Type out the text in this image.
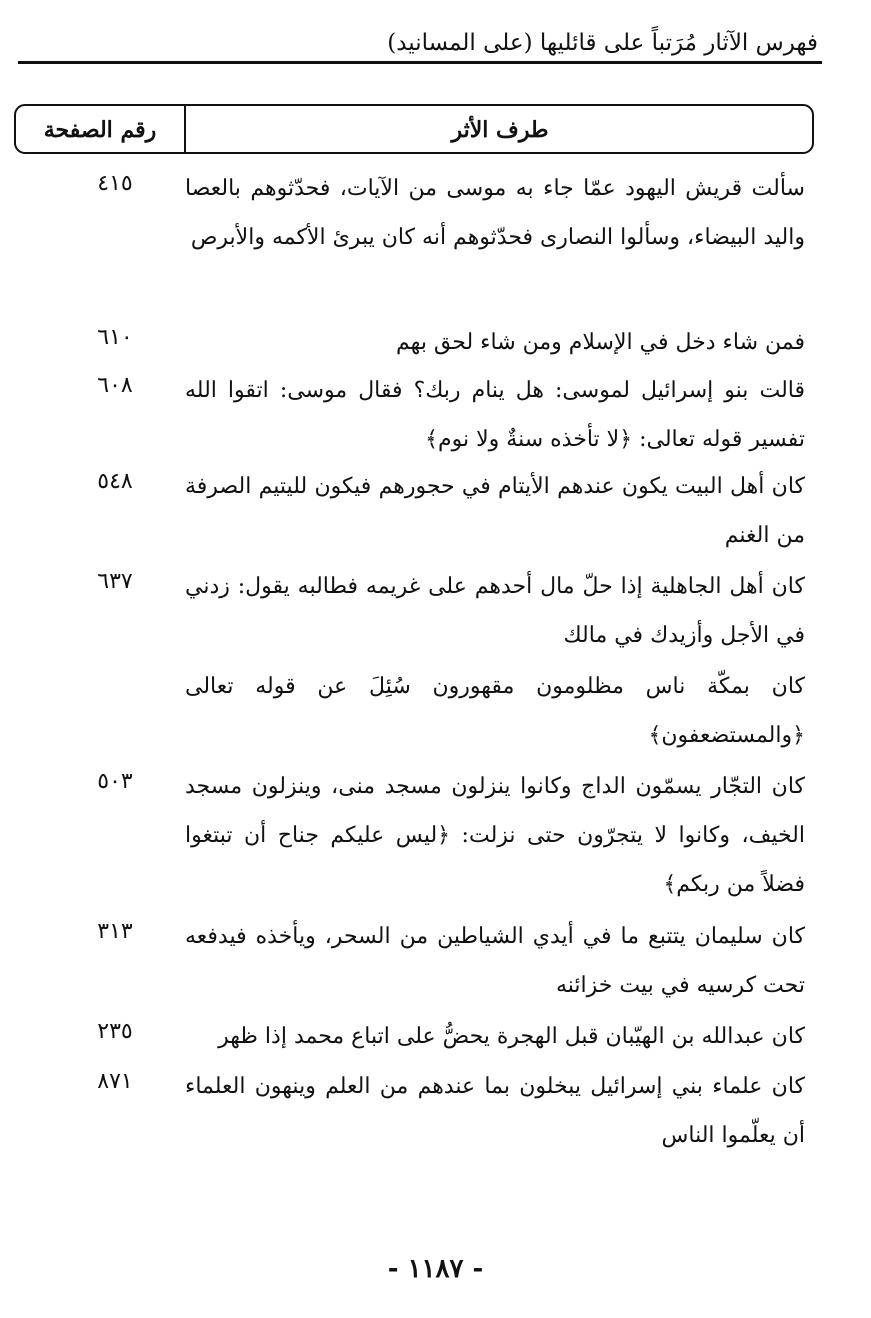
فهرس الآثار مُرَتباً على قائليها (على المسانيد)
طرف الأثر
رقم الصفحة
سألت قريش اليهود عمّا جاء به موسى من الآيات، فحدّثوهم بالعصا واليد البيضاء، وسألوا النصارى فحدّثوهم أنه كان يبرئ الأكمه والأبرص
٤١٥
فمن شاء دخل في الإسلام ومن شاء لحق بهم
٦١٠
قالت بنو إسرائيل لموسى: هل ينام ربك؟ فقال موسى: اتقوا الله تفسير قوله تعالى: ﴿لا تأخذه سنةٌ ولا نوم﴾
٦٠٨
كان أهل البيت يكون عندهم الأيتام في حجورهم فيكون لليتيم الصرفة من الغنم
٥٤٨
كان أهل الجاهلية إذا حلّ مال أحدهم على غريمه فطالبه يقول: زدني في الأجل وأزيدك في مالك
٦٣٧
كان بمكّة ناس مظلومون مقهورون سُئِلَ عن قوله تعالى ﴿والمستضعفون﴾
كان التجّار يسمّون الداج وكانوا ينزلون مسجد منى، وينزلون مسجد الخيف، وكانوا لا يتجرّون حتى نزلت: ﴿ليس عليكم جناح أن تبتغوا فضلاً من ربكم﴾
٥٠٣
كان سليمان يتتبع ما في أيدي الشياطين من السحر، ويأخذه فيدفعه تحت كرسيه في بيت خزائنه
٣١٣
كان عبدالله بن الهيّبان قبل الهجرة يحضُّ على اتباع محمد إذا ظهر
٢٣٥
كان علماء بني إسرائيل يبخلون بما عندهم من العلم وينهون العلماء أن يعلّموا الناس
٨٧١
- ١١٨٧ -
